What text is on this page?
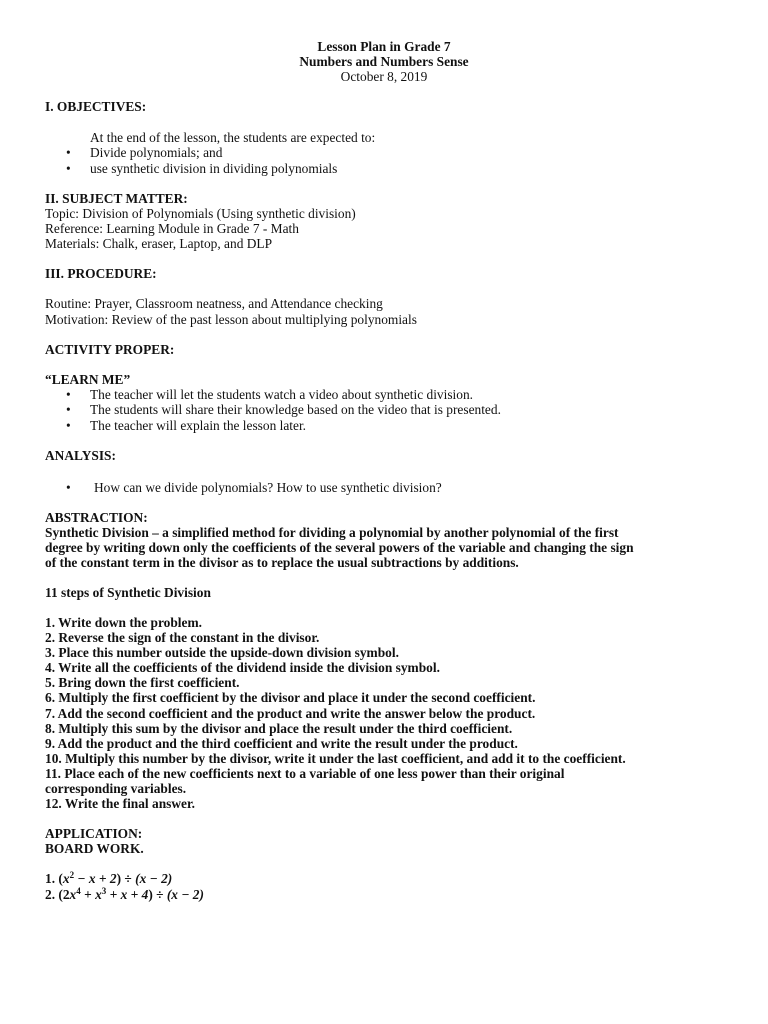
Lesson Plan in Grade 7
Numbers and Numbers Sense
October 8, 2019
I. OBJECTIVES:
At the end of the lesson, the students are expected to:
• Divide polynomials; and
• use synthetic division in dividing polynomials
II. SUBJECT MATTER:
Topic: Division of Polynomials (Using synthetic division)
Reference: Learning Module in Grade 7 - Math
Materials: Chalk, eraser, Laptop, and DLP
III. PROCEDURE:
Routine: Prayer, Classroom neatness, and Attendance checking
Motivation: Review of the past lesson about multiplying polynomials
ACTIVITY PROPER:
“LEARN ME”
• The teacher will let the students watch a video about synthetic division.
• The students will share their knowledge based on the video that is presented.
• The teacher will explain the lesson later.
ANALYSIS:
• How can we divide polynomials? How to use synthetic division?
ABSTRACTION:
Synthetic Division – a simplified method for dividing a polynomial by another polynomial of the first
degree by writing down only the coefficients of the several powers of the variable and changing the sign
of the constant term in the divisor as to replace the usual subtractions by additions.
11 steps of Synthetic Division
1. Write down the problem.
2. Reverse the sign of the constant in the divisor.
3. Place this number outside the upside-down division symbol.
4. Write all the coefficients of the dividend inside the division symbol.
5. Bring down the first coefficient.
6. Multiply the first coefficient by the divisor and place it under the second coefficient.
7. Add the second coefficient and the product and write the answer below the product.
8. Multiply this sum by the divisor and place the result under the third coefficient.
9. Add the product and the third coefficient and write the result under the product.
10. Multiply this number by the divisor, write it under the last coefficient, and add it to the coefficient.
11. Place each of the new coefficients next to a variable of one less power than their original
corresponding variables.
12. Write the final answer.
APPLICATION:
BOARD WORK.
1. $(x^2 - x + 2) \div (x - 2)$
2. $(2x^4 + x^3 + x + 4) \div (x - 2)$
